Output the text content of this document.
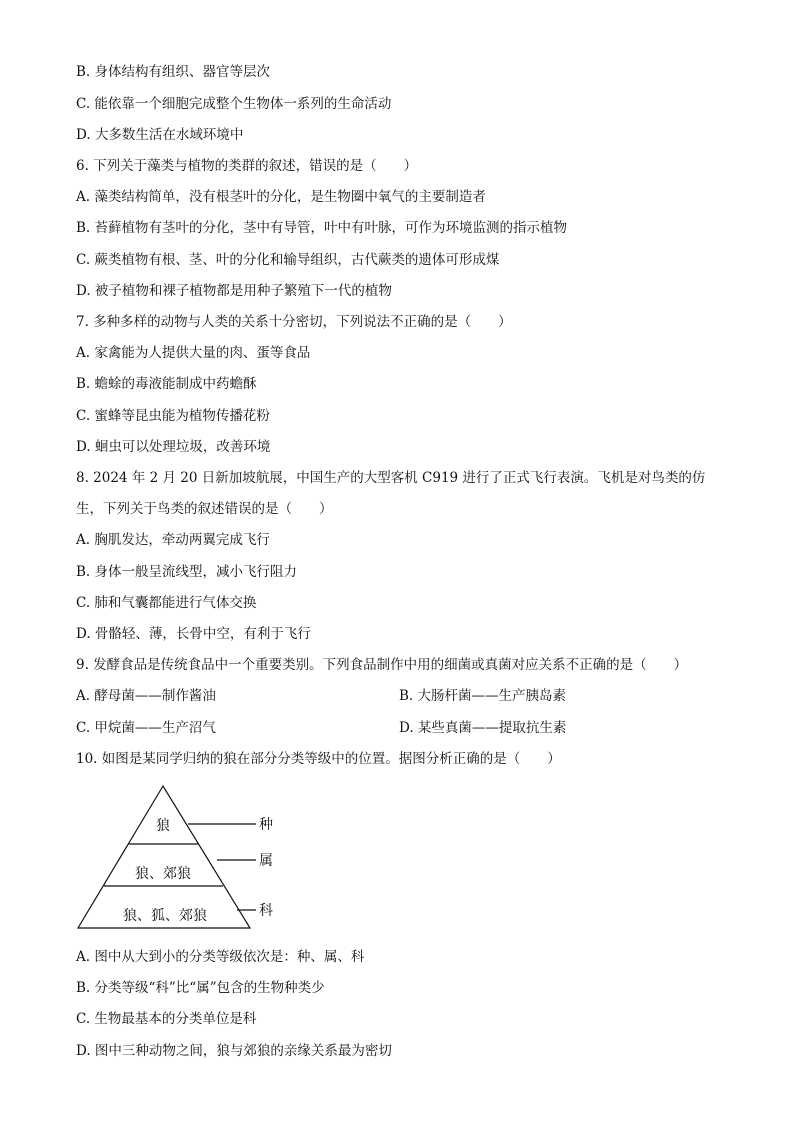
B. 身体结构有组织、器官等层次
C. 能依靠一个细胞完成整个生物体一系列的生命活动
D. 大多数生活在水域环境中
6. 下列关于藻类与植物的类群的叙述，错误的是（　　）
A. 藻类结构简单，没有根茎叶的分化，是生物圈中氧气的主要制造者
B. 苔藓植物有茎叶的分化，茎中有导管，叶中有叶脉，可作为环境监测的指示植物
C. 蕨类植物有根、茎、叶的分化和输导组织，古代蕨类的遗体可形成煤
D. 被子植物和裸子植物都是用种子繁殖下一代的植物
7. 多种多样的动物与人类的关系十分密切，下列说法不正确的是（　　）
A. 家禽能为人提供大量的肉、蛋等食品
B. 蟾蜍的毒液能制成中药蟾酥
C. 蜜蜂等昆虫能为植物传播花粉
D. 蛔虫可以处理垃圾，改善环境
8. 2024 年 2 月 20 日新加坡航展，中国生产的大型客机 C919 进行了正式飞行表演。飞机是对鸟类的仿
生，下列关于鸟类的叙述错误的是（　　）
A. 胸肌发达，牵动两翼完成飞行
B. 身体一般呈流线型，减小飞行阻力
C. 肺和气囊都能进行气体交换
D. 骨骼轻、薄，长骨中空，有利于飞行
9. 发酵食品是传统食品中一个重要类别。下列食品制作中用的细菌或真菌对应关系不正确的是（　　）
A. 酵母菌——制作酱油	B. 大肠杆菌——生产胰岛素
C. 甲烷菌——生产沼气	D. 某些真菌——提取抗生素
10. 如图是某同学归纳的狼在部分分类等级中的位置。据图分析正确的是（　　）
狼
狼、郊狼
狼、狐、郊狼
种
属
科
A. 图中从大到小的分类等级依次是：种、属、科
B. 分类等级“科”比“属”包含的生物种类少
C. 生物最基本的分类单位是科
D. 图中三种动物之间，狼与郊狼的亲缘关系最为密切
